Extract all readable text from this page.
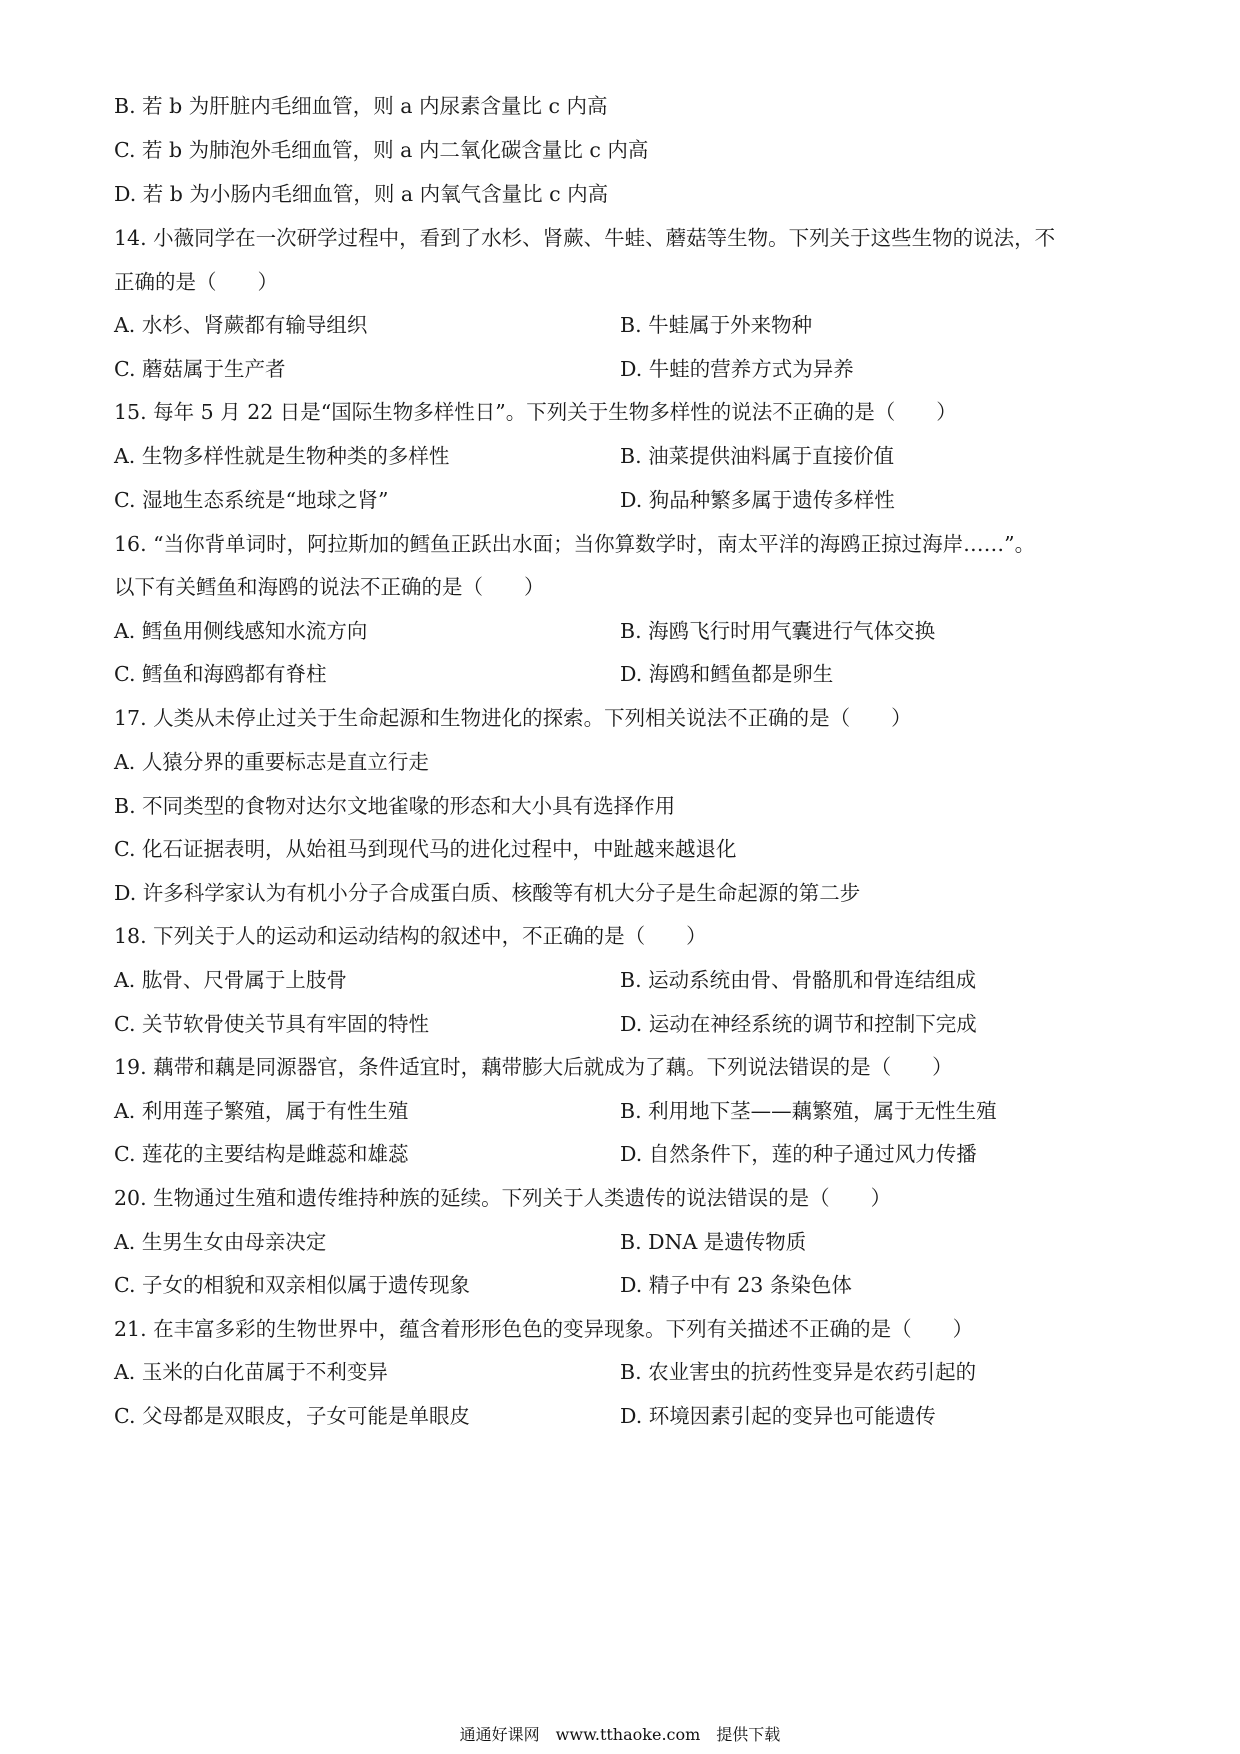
B. 若 b 为肝脏内毛细血管，则 a 内尿素含量比 c 内高
C. 若 b 为肺泡外毛细血管，则 a 内二氧化碳含量比 c 内高
D. 若 b 为小肠内毛细血管，则 a 内氧气含量比 c 内高
14. 小薇同学在一次研学过程中，看到了水杉、肾蕨、牛蛙、蘑菇等生物。下列关于这些生物的说法，不
正确的是（　　）
A. 水杉、肾蕨都有输导组织	B. 牛蛙属于外来物种
C. 蘑菇属于生产者	D. 牛蛙的营养方式为异养
15. 每年 5 月 22 日是“国际生物多样性日”。下列关于生物多样性的说法不正确的是（　　）
A. 生物多样性就是生物种类的多样性	B. 油菜提供油料属于直接价值
C. 湿地生态系统是“地球之肾”	D. 狗品种繁多属于遗传多样性
16. “当你背单词时，阿拉斯加的鳕鱼正跃出水面；当你算数学时，南太平洋的海鸥正掠过海岸……”。
以下有关鳕鱼和海鸥的说法不正确的是（　　）
A. 鳕鱼用侧线感知水流方向	B. 海鸥飞行时用气囊进行气体交换
C. 鳕鱼和海鸥都有脊柱	D. 海鸥和鳕鱼都是卵生
17. 人类从未停止过关于生命起源和生物进化的探索。下列相关说法不正确的是（　　）
A. 人猿分界的重要标志是直立行走
B. 不同类型的食物对达尔文地雀喙的形态和大小具有选择作用
C. 化石证据表明，从始祖马到现代马的进化过程中，中趾越来越退化
D. 许多科学家认为有机小分子合成蛋白质、核酸等有机大分子是生命起源的第二步
18. 下列关于人的运动和运动结构的叙述中，不正确的是（　　）
A. 肱骨、尺骨属于上肢骨	B. 运动系统由骨、骨骼肌和骨连结组成
C. 关节软骨使关节具有牢固的特性	D. 运动在神经系统的调节和控制下完成
19. 藕带和藕是同源器官，条件适宜时，藕带膨大后就成为了藕。下列说法错误的是（　　）
A. 利用莲子繁殖，属于有性生殖	B. 利用地下茎——藕繁殖，属于无性生殖
C. 莲花的主要结构是雌蕊和雄蕊	D. 自然条件下，莲的种子通过风力传播
20. 生物通过生殖和遗传维持种族的延续。下列关于人类遗传的说法错误的是（　　）
A. 生男生女由母亲决定	B. DNA 是遗传物质
C. 子女的相貌和双亲相似属于遗传现象	D. 精子中有 23 条染色体
21. 在丰富多彩的生物世界中，蕴含着形形色色的变异现象。下列有关描述不正确的是（　　）
A. 玉米的白化苗属于不利变异	B. 农业害虫的抗药性变异是农药引起的
C. 父母都是双眼皮，子女可能是单眼皮	D. 环境因素引起的变异也可能遗传
通通好课网　www.tthaoke.com　提供下载
